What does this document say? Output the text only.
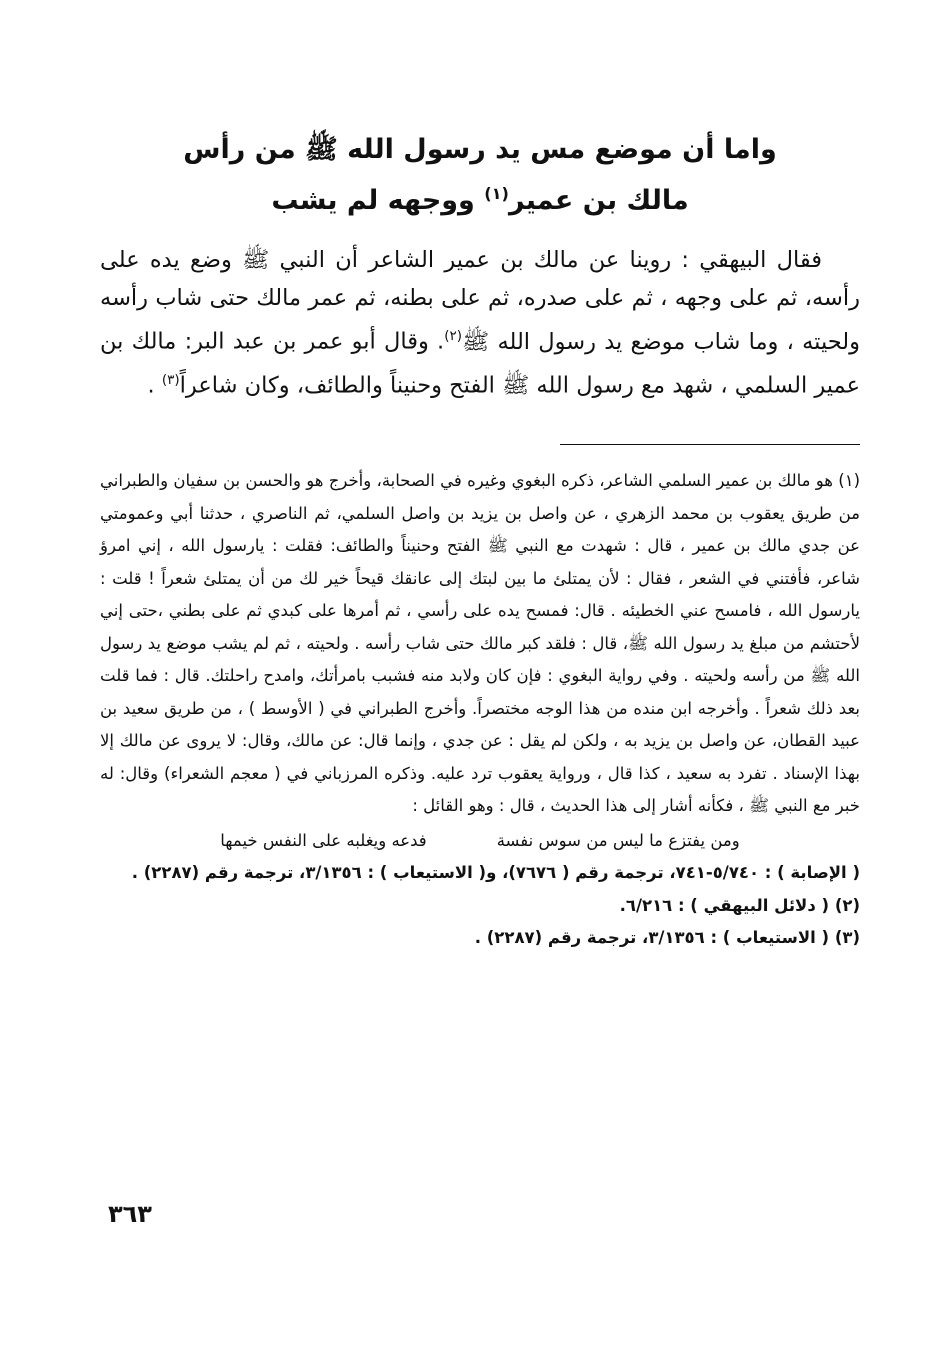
واما أن موضع مس يد رسول الله ﷺ من رأس
مالك بن عمير$^{(١)}$ ووجهه لم يشب

فقال البيهقي : روينا عن مالك بن عمير الشاعر أن النبي ﷺ وضع يده على رأسه، ثم على وجهه ، ثم على صدره، ثم على بطنه، ثم عمر مالك حتى شاب رأسه ولحيته ، وما شاب موضع يد رسول الله ﷺ$^{(٢)}$. وقال أبو عمر بن عبد البر: مالك بن عمير السلمي ، شهد مع رسول الله ﷺ الفتح وحنيناً والطائف، وكان شاعراً$^{(٣)}$ .

(١) هو مالك بن عمير السلمي الشاعر، ذكره البغوي وغيره في الصحابة، وأخرج هو والحسن بن سفيان والطبراني من طريق يعقوب بن محمد الزهري ، عن واصل بن يزيد بن واصل السلمي، ثم الناصري ، حدثنا أبي وعمومتي عن جدي مالك بن عمير ، قال : شهدت مع النبي ﷺ الفتح وحنيناً والطائف: فقلت : يارسول الله ، إني امرؤ شاعر، فأفتني في الشعر ، فقال : لأن يمتلئ ما بين لبتك إلى عانقك قيحاً خير لك من أن يمتلئ شعراً ! قلت : يارسول الله ، فامسح عني الخطيئه . قال: فمسح يده على رأسي ، ثم أمرها على كبدي ثم على بطني ،حتى إني لأحتشم من مبلغ يد رسول الله ﷺ، قال : فلقد كبر مالك حتى شاب رأسه . ولحيته ، ثم لم يشب موضع يد رسول الله ﷺ من رأسه ولحيته . وفي رواية البغوي : فإن كان ولابد منه فشبب بامرأتك، وامدح راحلتك. قال : فما قلت بعد ذلك شعراً . وأخرجه ابن منده من هذا الوجه مختصراً. وأخرج الطبراني في ( الأوسط ) ، من طريق سعيد بن عبيد القطان، عن واصل بن يزيد به ، ولكن لم يقل : عن جدي ، وإنما قال: عن مالك، وقال: لا يروى عن مالك إلا بهذا الإسناد . تفرد به سعيد ، كذا قال ، ورواية يعقوب ترد عليه. وذكره المرزباني في ( معجم الشعراء) وقال: له خبر مع النبي ﷺ ، فكأنه أشار إلى هذا الحديث ، قال : وهو القائل :

ومن يفتزع ما ليس من سوس نفسة
فدعه ويغلبه على النفس خيمها

( الإصابة ) : ٥/٧٤٠-٧٤١، ترجمة رقم ( ٧٦٧٦)، و( الاستيعاب ) : ٣/١٣٥٦، ترجمة رقم (٢٢٨٧) .

(٢) ( دلائل البيهقي ) : ٦/٢١٦.

(٣) ( الاستيعاب ) : ٣/١٣٥٦، ترجمة رقم (٢٢٨٧) .

٣٦٣
